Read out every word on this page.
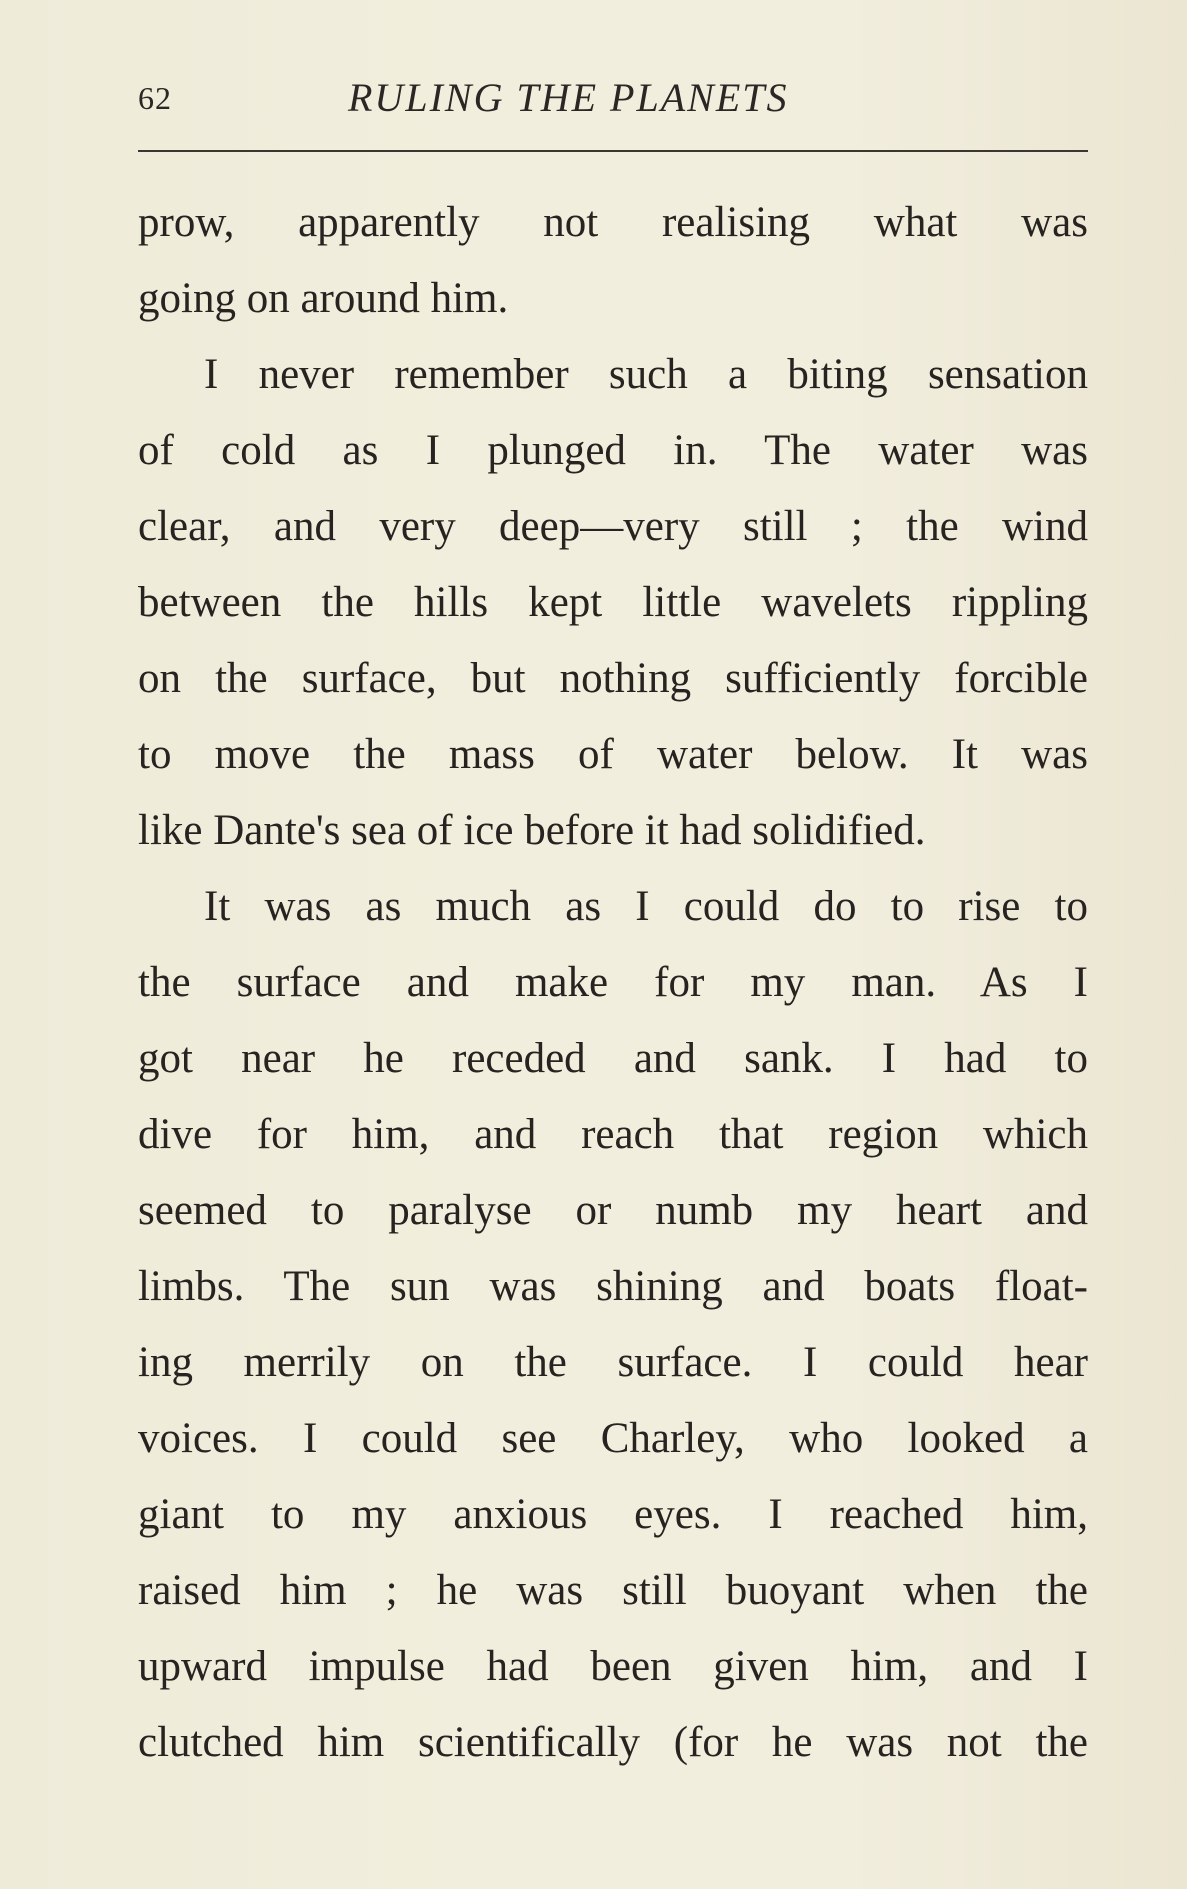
62	RULING THE PLANETS
prow, apparently not realising what was
going on around him.
I never remember such a biting sensation
of cold as I plunged in. The water was
clear, and very deep—very still ; the wind
between the hills kept little wavelets rippling
on the surface, but nothing sufficiently forcible
to move the mass of water below. It was
like Dante's sea of ice before it had solidified.
It was as much as I could do to rise to
the surface and make for my man. As I
got near he receded and sank. I had to
dive for him, and reach that region which
seemed to paralyse or numb my heart and
limbs. The sun was shining and boats float-
ing merrily on the surface. I could hear
voices. I could see Charley, who looked a
giant to my anxious eyes. I reached him,
raised him ; he was still buoyant when the
upward impulse had been given him, and I
clutched him scientifically (for he was not the
